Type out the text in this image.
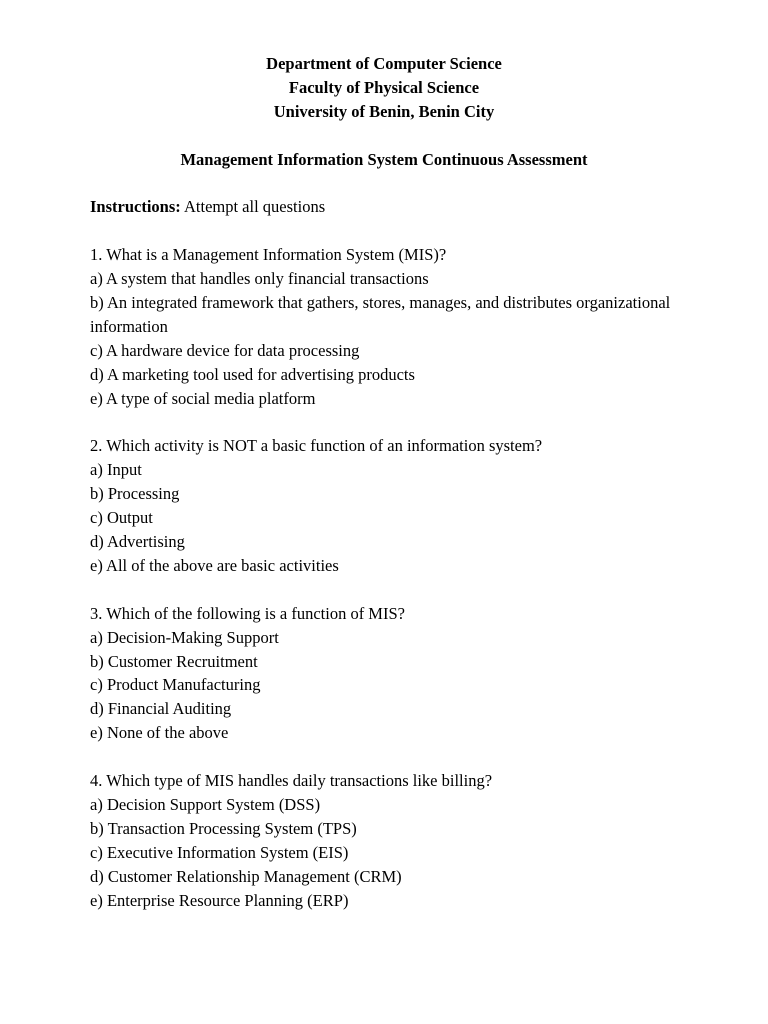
Department of Computer Science
Faculty of Physical Science
University of Benin, Benin City
Management Information System Continuous Assessment
Instructions: Attempt all questions
1. What is a Management Information System (MIS)?
a) A system that handles only financial transactions
b) An integrated framework that gathers, stores, manages, and distributes organizational information
c) A hardware device for data processing
d) A marketing tool used for advertising products
e) A type of social media platform
2. Which activity is NOT a basic function of an information system?
a) Input
b) Processing
c) Output
d) Advertising
e) All of the above are basic activities
3. Which of the following is a function of MIS?
a) Decision-Making Support
b) Customer Recruitment
c) Product Manufacturing
d) Financial Auditing
e) None of the above
4. Which type of MIS handles daily transactions like billing?
a) Decision Support System (DSS)
b) Transaction Processing System (TPS)
c) Executive Information System (EIS)
d) Customer Relationship Management (CRM)
e) Enterprise Resource Planning (ERP)
